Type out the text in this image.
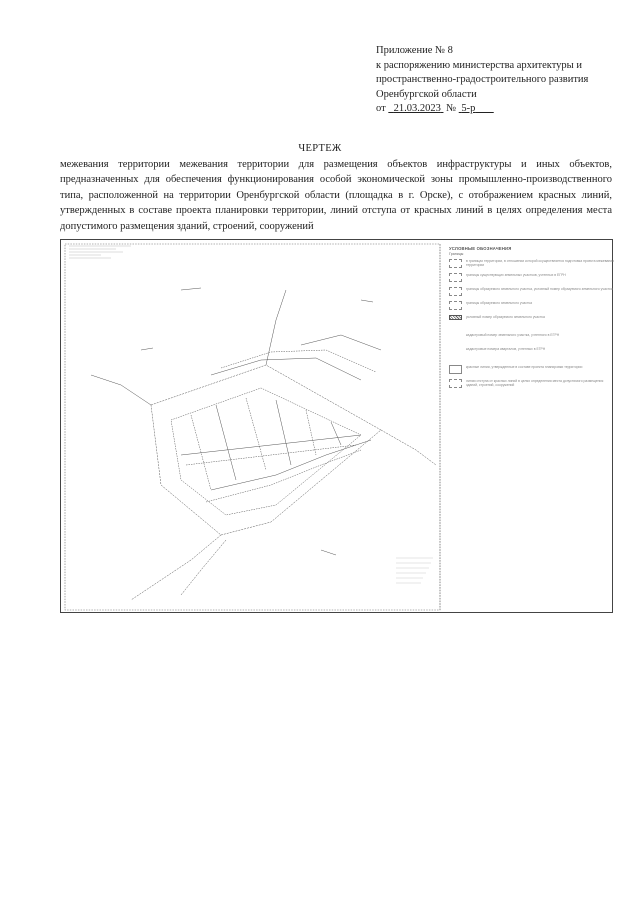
Приложение № 8
к распоряжению министерства архитектуры и
пространственно-градостроительного развития
Оренбургской области
от 21.03.2023 № 5-р
ЧЕРТЕЖ
межевания территории межевания территории для размещения объектов инфраструктуры и иных объектов, предназначенных для обеспечения функционирования особой экономической зоны промышленно-производственного типа, расположенной на территории Оренбургской области (площадка в г. Орске), с отображением красных линий, утвержденных в составе проекта планировки территории, линий отступа от красных линий в целях определения места допустимого размещения зданий, строений, сооружений
УСЛОВНЫЕ ОБОЗНАЧЕНИЯ
Границы
в границах территории, в отношении которой осуществляется подготовка проекта межевания территории
границы существующих земельных участков, учтенных в ЕГРН
границы образуемого земельного участка, условный номер образуемого земельного участка
границы образуемого земельного участка
условный номер образуемого земельного участка
кадастровый номер земельного участка, учтенного в ЕГРН
кадастровые номера кварталов, учтенных в ЕГРН
красные линии, утвержденные в составе проекта планировки территории
линии отступа от красных линий в целях определения места допустимого размещения зданий, строений, сооружений
